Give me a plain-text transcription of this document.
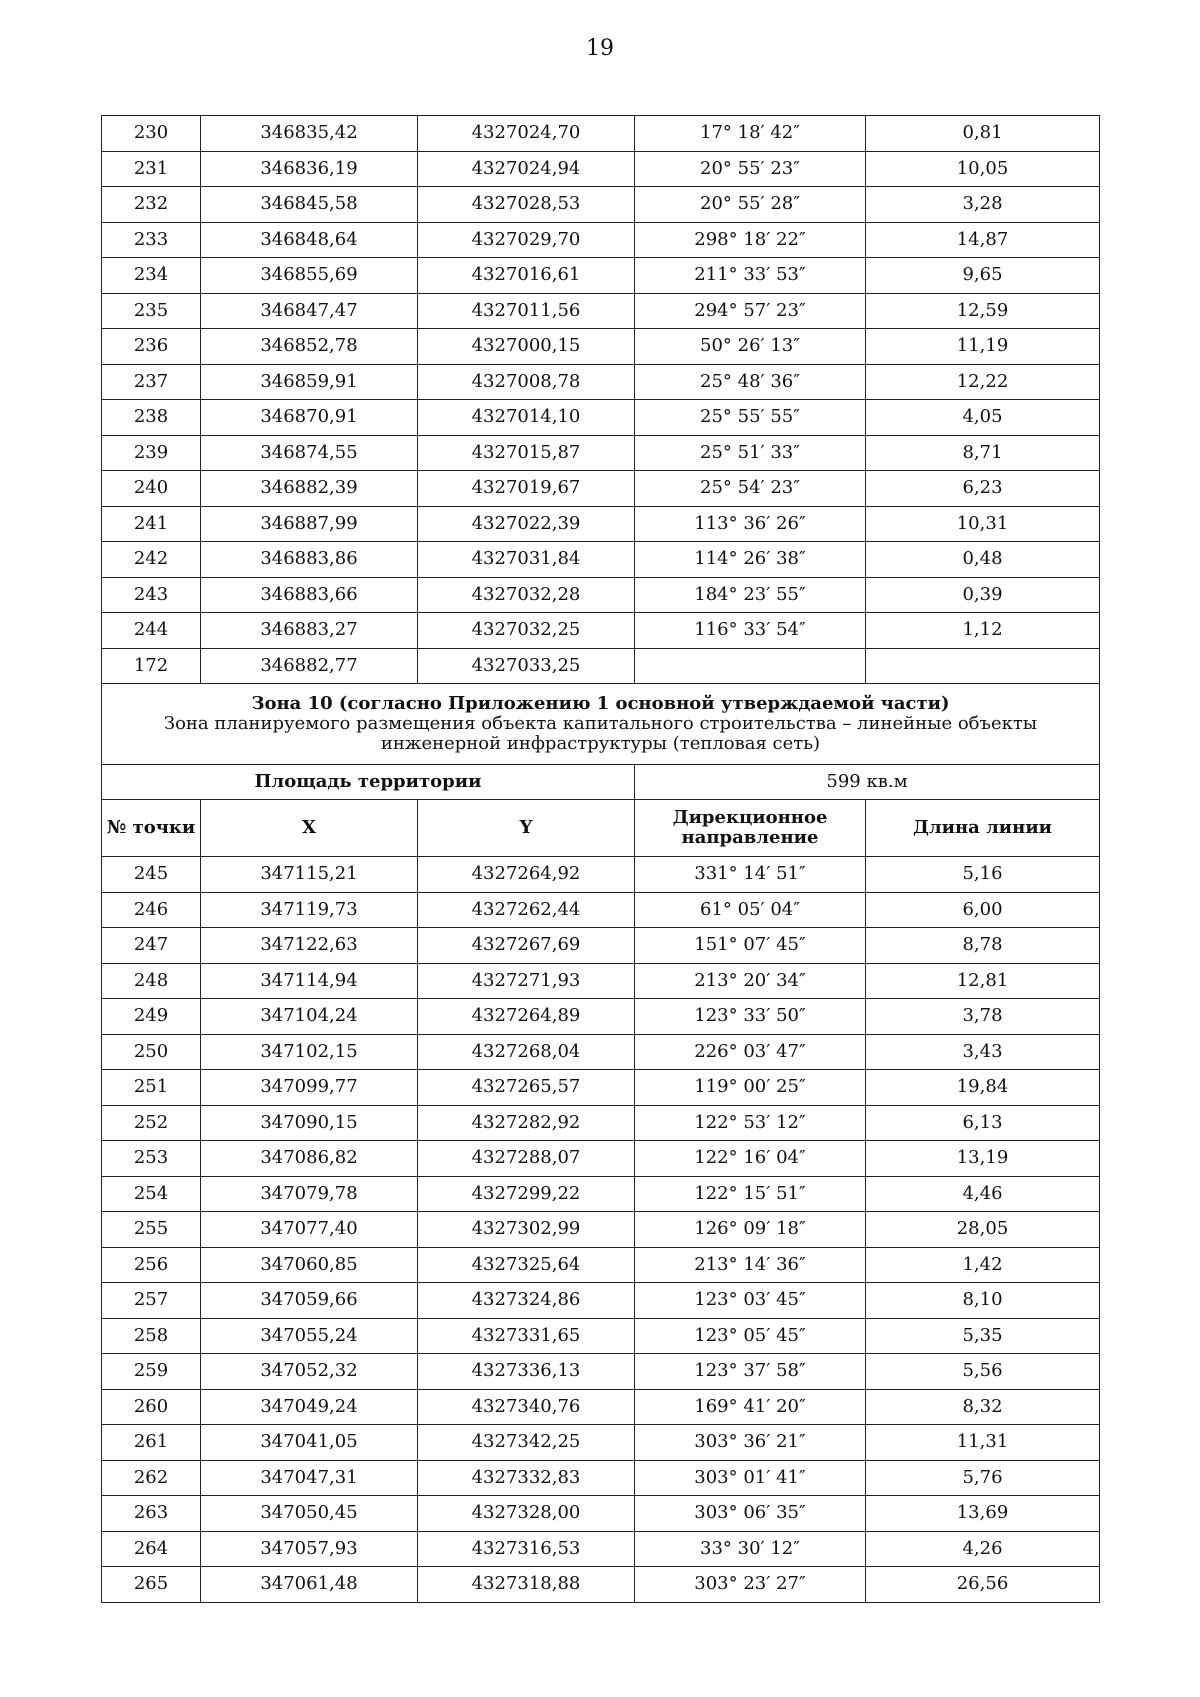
19
230	346835,42	4327024,70	17° 18′ 42″	0,81
231	346836,19	4327024,94	20° 55′ 23″	10,05
232	346845,58	4327028,53	20° 55′ 28″	3,28
233	346848,64	4327029,70	298° 18′ 22″	14,87
234	346855,69	4327016,61	211° 33′ 53″	9,65
235	346847,47	4327011,56	294° 57′ 23″	12,59
236	346852,78	4327000,15	50° 26′ 13″	11,19
237	346859,91	4327008,78	25° 48′ 36″	12,22
238	346870,91	4327014,10	25° 55′ 55″	4,05
239	346874,55	4327015,87	25° 51′ 33″	8,71
240	346882,39	4327019,67	25° 54′ 23″	6,23
241	346887,99	4327022,39	113° 36′ 26″	10,31
242	346883,86	4327031,84	114° 26′ 38″	0,48
243	346883,66	4327032,28	184° 23′ 55″	0,39
244	346883,27	4327032,25	116° 33′ 54″	1,12
172	346882,77	4327033,25		

Зона 10 (согласно Приложению 1 основной утверждаемой части)
Зона планируемого размещения объекта капитального строительства – линейные объекты инженерной инфраструктуры (тепловая сеть)				

Площадь территории			599 кв.м	
№ точки	X	Y	Дирекционное направление	Длина линии
245	347115,21	4327264,92	331° 14′ 51″	5,16
246	347119,73	4327262,44	61° 05′ 04″	6,00
247	347122,63	4327267,69	151° 07′ 45″	8,78
248	347114,94	4327271,93	213° 20′ 34″	12,81
249	347104,24	4327264,89	123° 33′ 50″	3,78
250	347102,15	4327268,04	226° 03′ 47″	3,43
251	347099,77	4327265,57	119° 00′ 25″	19,84
252	347090,15	4327282,92	122° 53′ 12″	6,13
253	347086,82	4327288,07	122° 16′ 04″	13,19
254	347079,78	4327299,22	122° 15′ 51″	4,46
255	347077,40	4327302,99	126° 09′ 18″	28,05
256	347060,85	4327325,64	213° 14′ 36″	1,42
257	347059,66	4327324,86	123° 03′ 45″	8,10
258	347055,24	4327331,65	123° 05′ 45″	5,35
259	347052,32	4327336,13	123° 37′ 58″	5,56
260	347049,24	4327340,76	169° 41′ 20″	8,32
261	347041,05	4327342,25	303° 36′ 21″	11,31
262	347047,31	4327332,83	303° 01′ 41″	5,76
263	347050,45	4327328,00	303° 06′ 35″	13,69
264	347057,93	4327316,53	33° 30′ 12″	4,26
265	347061,48	4327318,88	303° 23′ 27″	26,56
